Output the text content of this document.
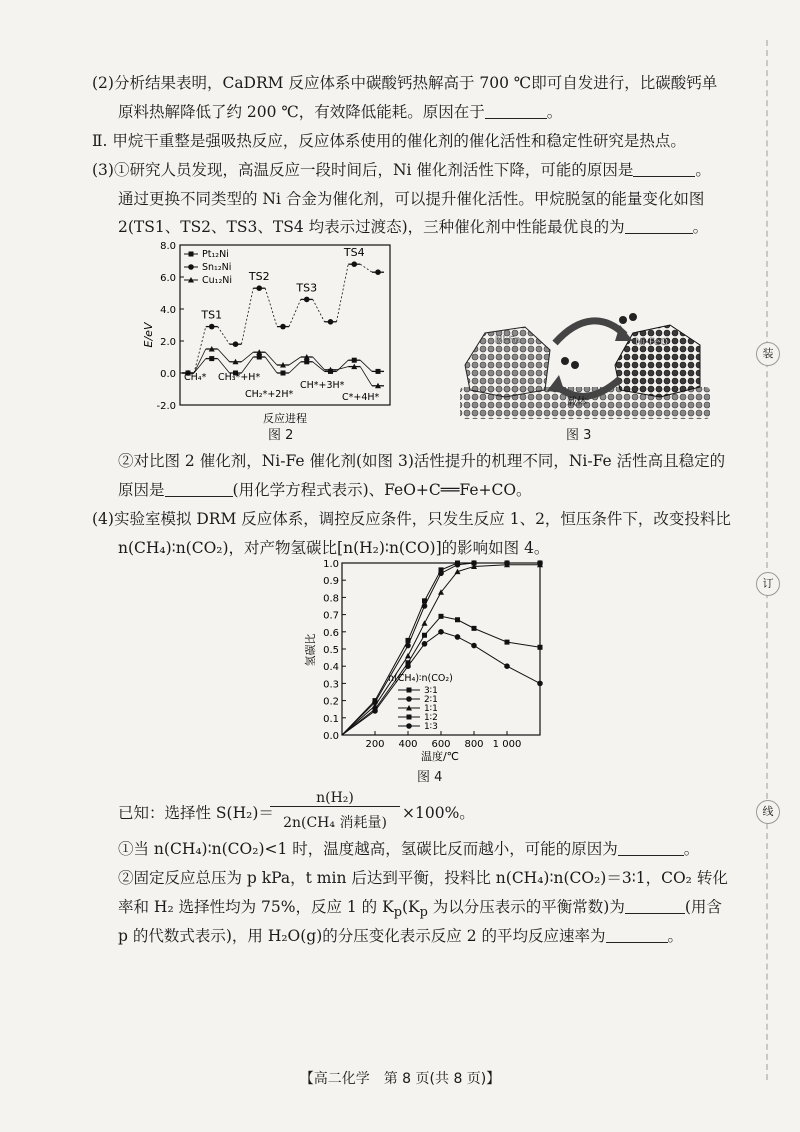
装
订
线
(2)分析结果表明，CaDRM 反应体系中碳酸钙热解高于 700 ℃即可自发进行，比碳酸钙单
原料热解降低了约 200 ℃，有效降低能耗。原因在于	。
Ⅱ. 甲烷干重整是强吸热反应，反应体系使用的催化剂的催化活性和稳定性研究是热点。
(3)①研究人员发现，高温反应一段时间后，Ni 催化剂活性下降，可能的原因是	。
通过更换不同类型的 Ni 合金为催化剂，可以提升催化活性。甲烷脱氢的能量变化如图
2(TS1、TS2、TS3、TS4 均表示过渡态)，三种催化剂中性能最优良的为	。
8.0
6.0
4.0
2.0
0.0
-2.0
E/eV
反应进程
TS1
TS2
TS3
TS4
CH₄* CH₃*+H*
CH₂*+2H*
CH*+3H*
C*+4H*
Pt₁₂Ni
Sn₁₂Ni
Cu₁₂Ni
图 2
Ni-Fe	Ni-FeO
载体
图 3
②对比图 2 催化剂，Ni-Fe 催化剂(如图 3)活性提升的机理不同，Ni-Fe 活性高且稳定的
原因是	(用化学方程式表示)、FeO+C══Fe+CO。
(4)实验室模拟 DRM 反应体系，调控反应条件，只发生反应 1、2，恒压条件下，改变投料比
n(CH₄)∶n(CO₂)，对产物氢碳比[n(H₂)∶n(CO)]的影响如图 4。
1.0
0.9
0.8
0.7
0.6
0.5
0.4
0.3
0.2
0.1
0.0
200 400 600 800 1 000
氢碳比
温度/℃
n(CH₄)∶n(CO₂)
3∶1
2∶1
1∶1
1∶2
1∶3
图 4
已知：选择性 S(H₂)＝
n(H₂)
2n(CH₄ 消耗量)
×100%。
①当 n(CH₄)∶n(CO₂)<1 时，温度越高，氢碳比反而越小，可能的原因为	。
②固定反应总压为 p kPa，t min 后达到平衡，投料比 n(CH₄)∶n(CO₂)＝3∶1，CO₂ 转化
率和 H₂ 选择性均为 75%，反应 1 的 $K_p(K_p$ 为以分压表示的平衡常数)为	(用含
p 的代数式表示)，用 H₂O(g)的分压变化表示反应 2 的平均反应速率为	。
【高二化学　第 8 页(共 8 页)】
